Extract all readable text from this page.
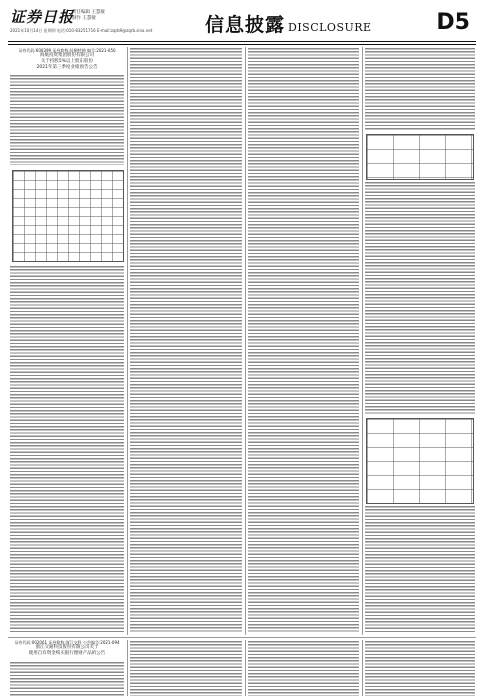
证券日报
责任编辑 王慧敏
制作 王慧敏
2021年10月14日 星期四 电话:010-83251716 E-mail:zqrb9@zqrb.sina.net	信息披露 DISCLOSURE	D5
证券代码:600399 证券简称:抚顺特钢 编号:2021-050
海航投资集团股份有限公司
关于持股5%以上股东股份
2021年第三季度业绩预告公告
证券代码:002061 证券简称:浙江交科 公告编号:2021-094
浙江交通科技股份有限公司关于
使用自有资金购买银行理财产品的公告
